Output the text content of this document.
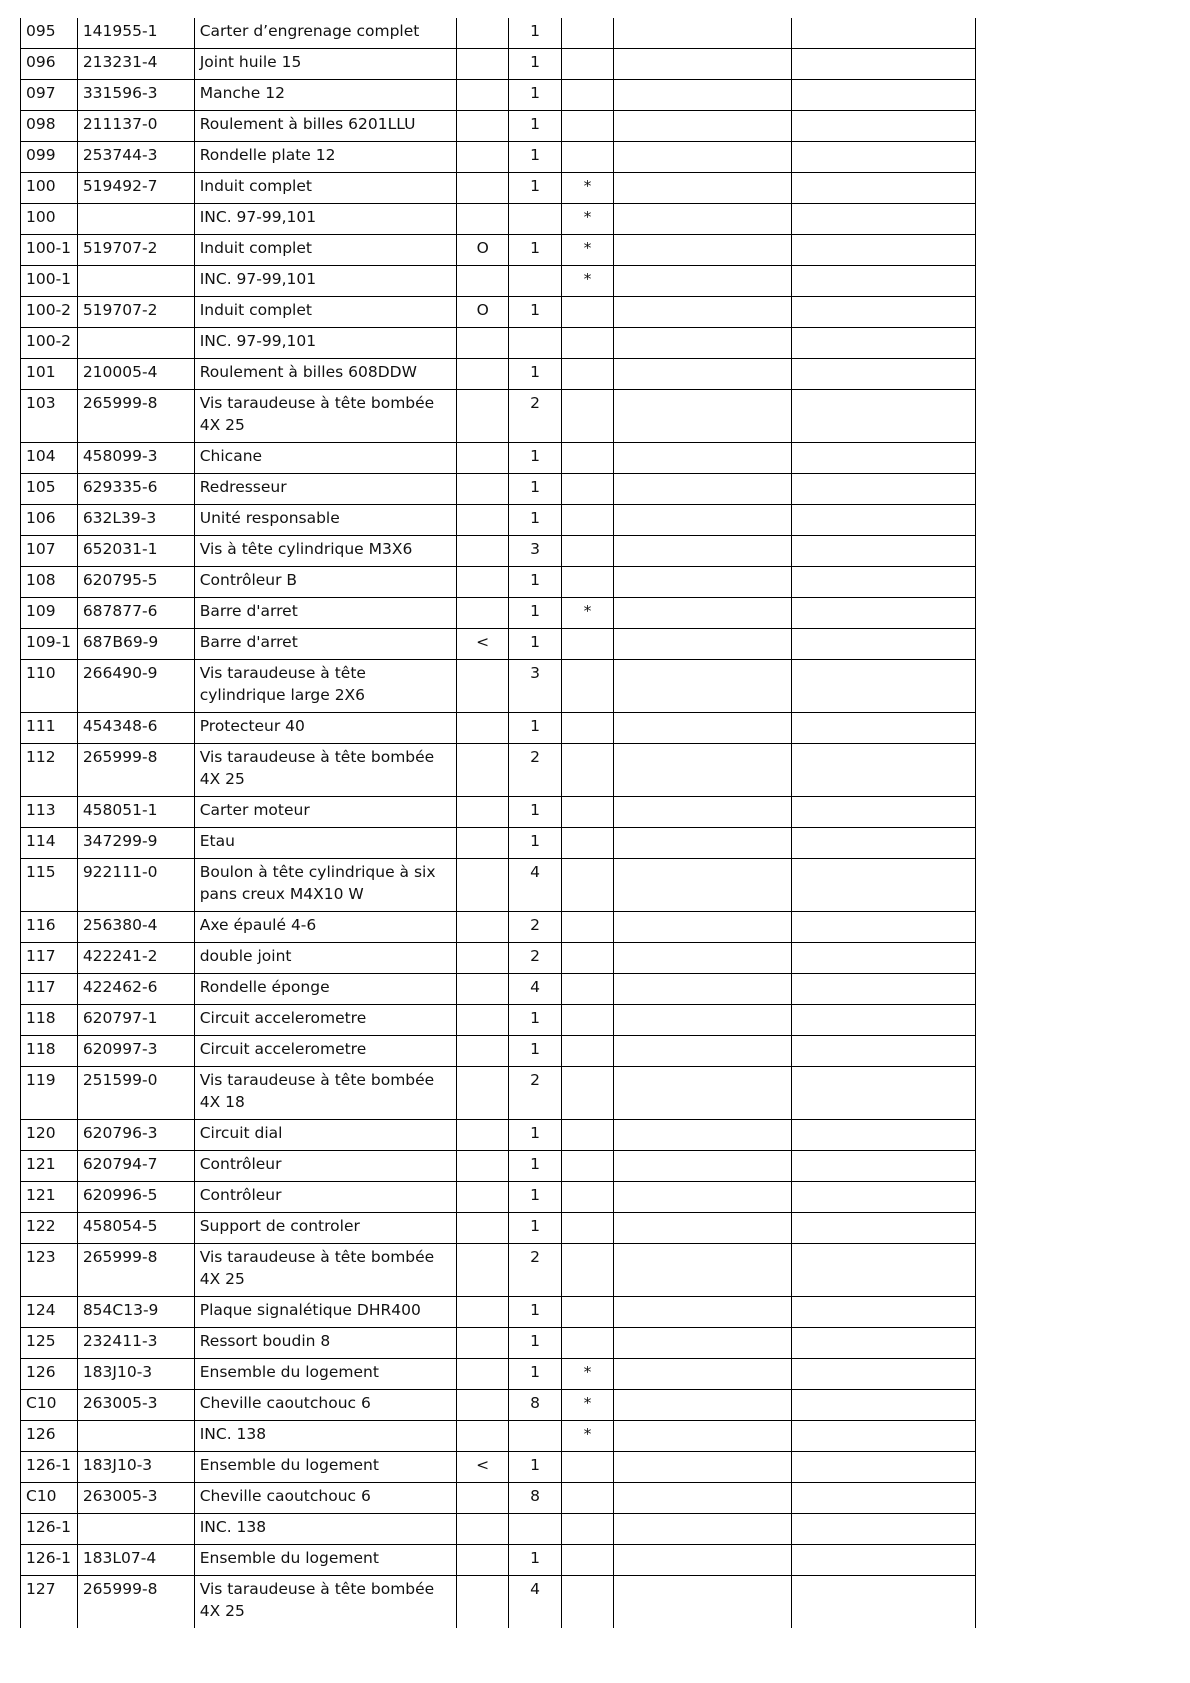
095	141955-1	Carter d’engrenage complet		1			
096	213231-4	Joint huile 15		1			
097	331596-3	Manche 12		1			
098	211137-0	Roulement à billes 6201LLU		1			
099	253744-3	Rondelle plate 12		1			
100	519492-7	Induit complet		1	*		
100		INC. 97-99,101			*		
100-1	519707-2	Induit complet	O	1	*		
100-1		INC. 97-99,101			*		
100-2	519707-2	Induit complet	O	1			
100-2		INC. 97-99,101					
101	210005-4	Roulement à billes 608DDW		1			
103	265999-8	Vis taraudeuse à tête bombée 4X 25		2			
104	458099-3	Chicane		1			
105	629335-6	Redresseur		1			
106	632L39-3	Unité responsable		1			
107	652031-1	Vis à tête cylindrique M3X6		3			
108	620795-5	Contrôleur B		1			
109	687877-6	Barre d'arret		1	*		
109-1	687B69-9	Barre d'arret	<	1			
110	266490-9	Vis taraudeuse à tête cylindrique large 2X6		3			
111	454348-6	Protecteur 40		1			
112	265999-8	Vis taraudeuse à tête bombée 4X 25		2			
113	458051-1	Carter moteur		1			
114	347299-9	Etau		1			
115	922111-0	Boulon à tête cylindrique à six pans creux M4X10 W		4			
116	256380-4	Axe épaulé 4-6		2			
117	422241-2	double joint		2			
117	422462-6	Rondelle éponge		4			
118	620797-1	Circuit accelerometre		1			
118	620997-3	Circuit accelerometre		1			
119	251599-0	Vis taraudeuse à tête bombée 4X 18		2			
120	620796-3	Circuit dial		1			
121	620794-7	Contrôleur		1			
121	620996-5	Contrôleur		1			
122	458054-5	Support de controler		1			
123	265999-8	Vis taraudeuse à tête bombée 4X 25		2			
124	854C13-9	Plaque signalétique DHR400		1			
125	232411-3	Ressort boudin 8		1			
126	183J10-3	Ensemble du logement		1	*		
C10	263005-3	Cheville caoutchouc 6		8	*		
126		INC. 138			*		
126-1	183J10-3	Ensemble du logement	<	1			
C10	263005-3	Cheville caoutchouc 6		8			
126-1		INC. 138					
126-1	183L07-4	Ensemble du logement		1			
127	265999-8	Vis taraudeuse à tête bombée 4X 25		4			
